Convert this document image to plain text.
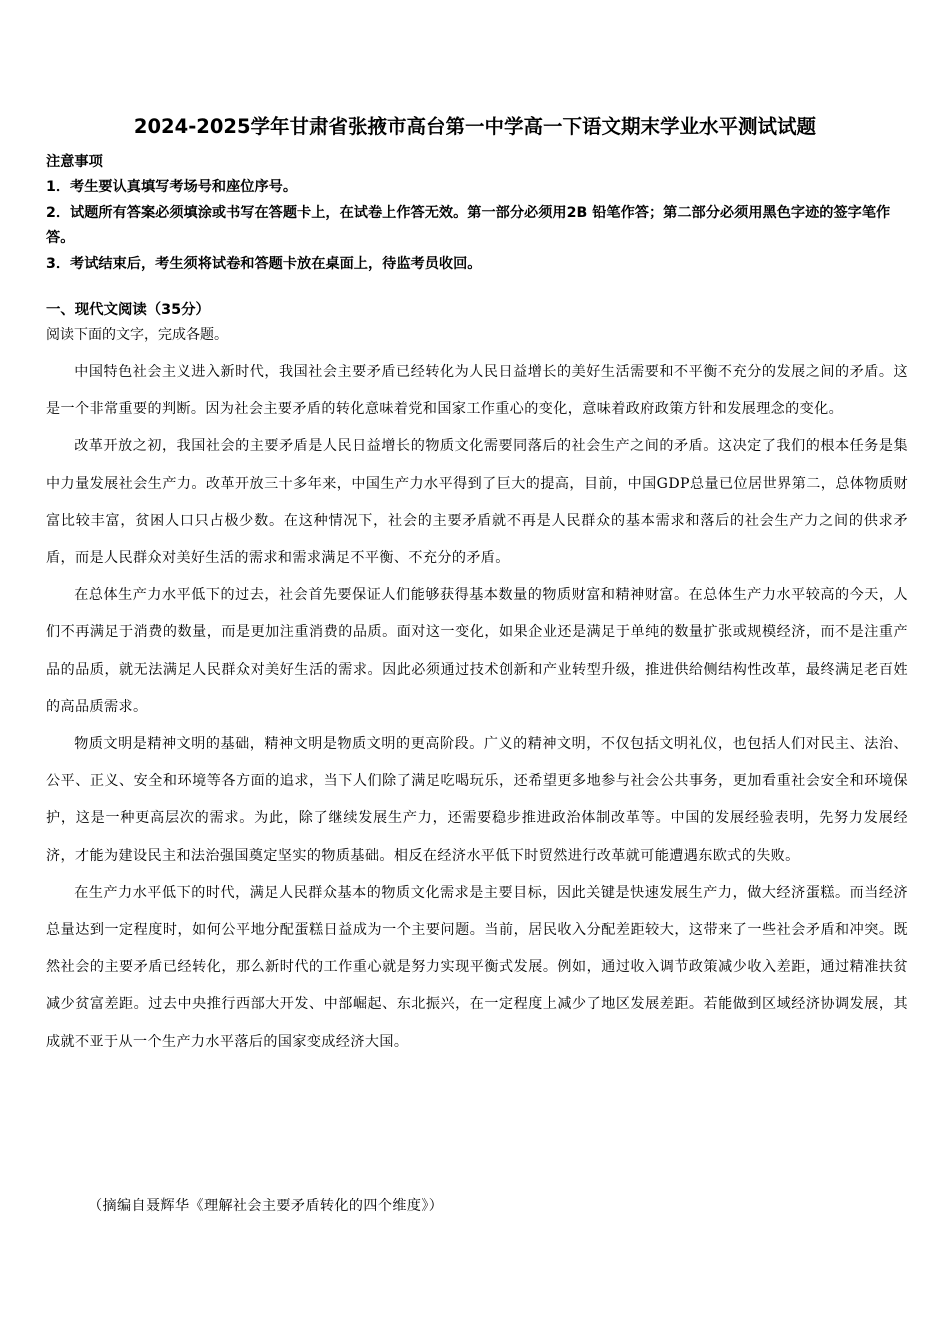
2024-2025学年甘肃省张掖市高台第一中学高一下语文期末学业水平测试试题
注意事项
1．考生要认真填写考场号和座位序号。
2．试题所有答案必须填涂或书写在答题卡上，在试卷上作答无效。第一部分必须用2B 铅笔作答；第二部分必须用黑色字迹的签字笔作答。
3．考试结束后，考生须将试卷和答题卡放在桌面上，待监考员收回。
一、现代文阅读（35分）
阅读下面的文字，完成各题。

中国特色社会主义进入新时代，我国社会主要矛盾已经转化为人民日益增长的美好生活需要和不平衡不充分的发展之间的矛盾。这是一个非常重要的判断。因为社会主要矛盾的转化意味着党和国家工作重心的变化，意味着政府政策方针和发展理念的变化。

改革开放之初，我国社会的主要矛盾是人民日益增长的物质文化需要同落后的社会生产之间的矛盾。这决定了我们的根本任务是集中力量发展社会生产力。改革开放三十多年来，中国生产力水平得到了巨大的提高，目前，中国GDP总量已位居世界第二，总体物质财富比较丰富，贫困人口只占极少数。在这种情况下，社会的主要矛盾就不再是人民群众的基本需求和落后的社会生产力之间的供求矛盾，而是人民群众对美好生活的需求和需求满足不平衡、不充分的矛盾。

在总体生产力水平低下的过去，社会首先要保证人们能够获得基本数量的物质财富和精神财富。在总体生产力水平较高的今天，人们不再满足于消费的数量，而是更加注重消费的品质。面对这一变化，如果企业还是满足于单纯的数量扩张或规模经济，而不是注重产品的品质，就无法满足人民群众对美好生活的需求。因此必须通过技术创新和产业转型升级，推进供给侧结构性改革，最终满足老百姓的高品质需求。

物质文明是精神文明的基础，精神文明是物质文明的更高阶段。广义的精神文明，不仅包括文明礼仪，也包括人们对民主、法治、公平、正义、安全和环境等各方面的追求，当下人们除了满足吃喝玩乐，还希望更多地参与社会公共事务，更加看重社会安全和环境保护，这是一种更高层次的需求。为此，除了继续发展生产力，还需要稳步推进政治体制改革等。中国的发展经验表明，先努力发展经济，才能为建设民主和法治强国奠定坚实的物质基础。相反在经济水平低下时贸然进行改革就可能遭遇东欧式的失败。

在生产力水平低下的时代，满足人民群众基本的物质文化需求是主要目标，因此关键是快速发展生产力，做大经济蛋糕。而当经济总量达到一定程度时，如何公平地分配蛋糕日益成为一个主要问题。当前，居民收入分配差距较大，这带来了一些社会矛盾和冲突。既然社会的主要矛盾已经转化，那么新时代的工作重心就是努力实现平衡式发展。例如，通过收入调节政策减少收入差距，通过精准扶贫减少贫富差距。过去中央推行西部大开发、中部崛起、东北振兴，在一定程度上减少了地区发展差距。若能做到区域经济协调发展，其成就不亚于从一个生产力水平落后的国家变成经济大国。

（摘编自聂辉华《理解社会主要矛盾转化的四个维度》）
